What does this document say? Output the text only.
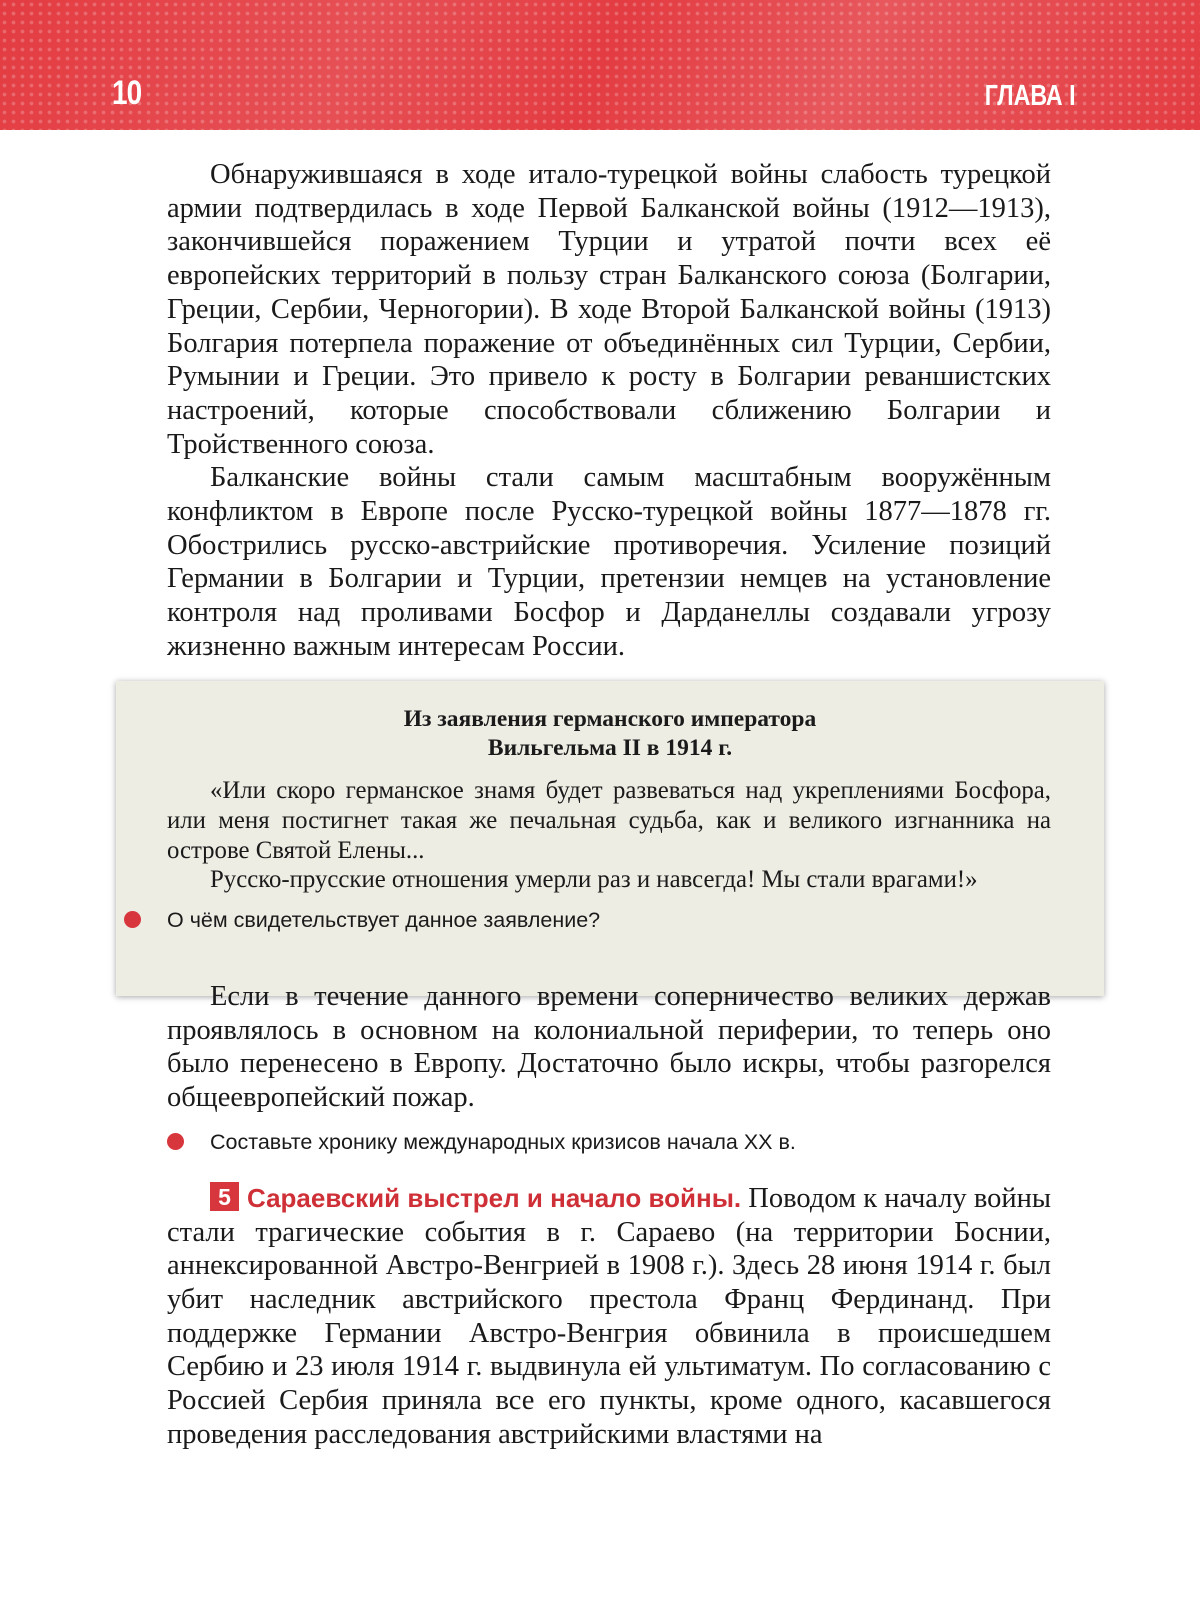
10	ГЛАВА I

Обнаружившаяся в ходе итало-турецкой войны слабость турецкой армии подтвердилась в ходе Первой Балканской войны (1912—1913), закончившейся поражением Турции и утратой почти всех её европейских территорий в пользу стран Балканского союза (Болгарии, Греции, Сербии, Черногории). В ходе Второй Балканской войны (1913) Болгария потерпела поражение от объединённых сил Турции, Сербии, Румынии и Греции. Это привело к росту в Болгарии реваншистских настроений, которые способствовали сближению Болгарии и Тройственного союза.

Балканские войны стали самым масштабным вооружённым конфликтом в Европе после Русско-турецкой войны 1877—1878 гг. Обострились русско-австрийские противоречия. Усиление позиций Германии в Болгарии и Турции, претензии немцев на установление контроля над проливами Босфор и Дарданеллы создавали угрозу жизненно важным интересам России.

Из заявления германского императора
Вильгельма II в 1914 г.

«Или скоро германское знамя будет развеваться над укреплениями Босфора, или меня постигнет такая же печальная судьба, как и великого изгнанника на острове Святой Елены...

Русско-прусские отношения умерли раз и навсегда! Мы стали врагами!»

О чём свидетельствует данное заявление?

Если в течение данного времени соперничество великих держав проявлялось в основном на колониальной периферии, то теперь оно было перенесено в Европу. Достаточно было искры, чтобы разгорелся общеевропейский пожар.

Составьте хронику международных кризисов начала XX в.

5 Сараевский выстрел и начало войны. Поводом к началу войны стали трагические события в г. Сараево (на территории Боснии, аннексированной Австро-Венгрией в 1908 г.). Здесь 28 июня 1914 г. был убит наследник австрийского престола Франц Фердинанд. При поддержке Германии Австро-Венгрия обвинила в происшедшем Сербию и 23 июля 1914 г. выдвинула ей ультиматум. По согласованию с Россией Сербия приняла все его пункты, кроме одного, касавшегося проведения расследования австрийскими властями на
